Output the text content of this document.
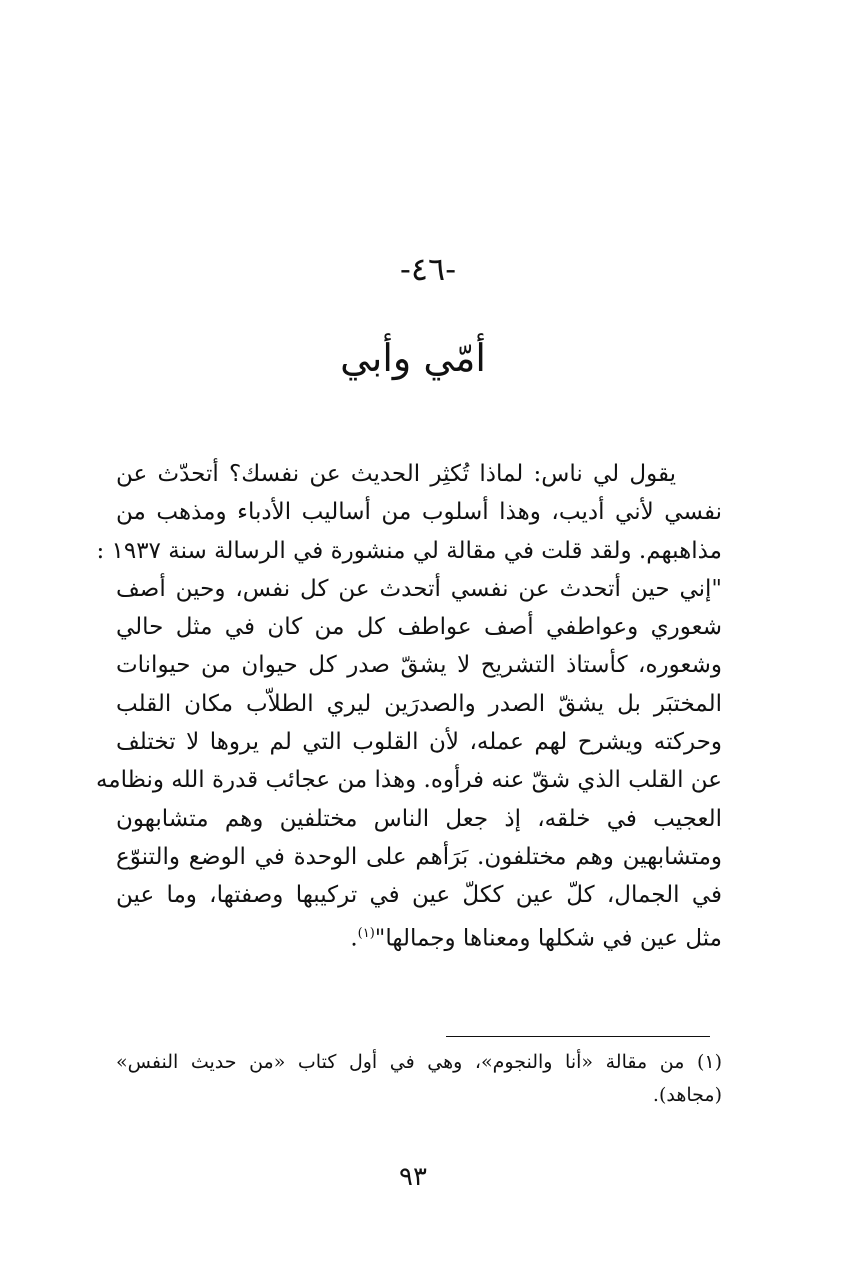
-٤٦-
أمّي وأبي
يقول لي ناس: لماذا تُكثِر الحديث عن نفسك؟ أتحدّث عن
نفسي لأني أديب، وهذا أسلوب من أساليب الأدباء ومذهب من
مذاهبهم. ولقد قلت في مقالة لي منشورة في الرسالة سنة ١٩٣٧ :
"إني حين أتحدث عن نفسي أتحدث عن كل نفس، وحين أصف
شعوري وعواطفي أصف عواطف كل من كان في مثل حالي
وشعوره، كأستاذ التشريح لا يشقّ صدر كل حيوان من حيوانات
المختبَر بل يشقّ الصدر والصدرَين ليري الطلاّب مكان القلب
وحركته ويشرح لهم عمله، لأن القلوب التي لم يروها لا تختلف
عن القلب الذي شقّ عنه فرأوه. وهذا من عجائب قدرة الله ونظامه
العجيب في خلقه، إذ جعل الناس مختلفين وهم متشابهون
ومتشابهين وهم مختلفون. بَرَأهم على الوحدة في الوضع والتنوّع
في الجمال، كلّ عين ككلّ عين في تركيبها وصفتها، وما عين
مثل عين في شكلها ومعناها وجمالها"$^{(١)}$.
(١) من مقالة «أنا والنجوم»، وهي في أول كتاب «من حديث النفس»
(مجاهد).
٩٣
